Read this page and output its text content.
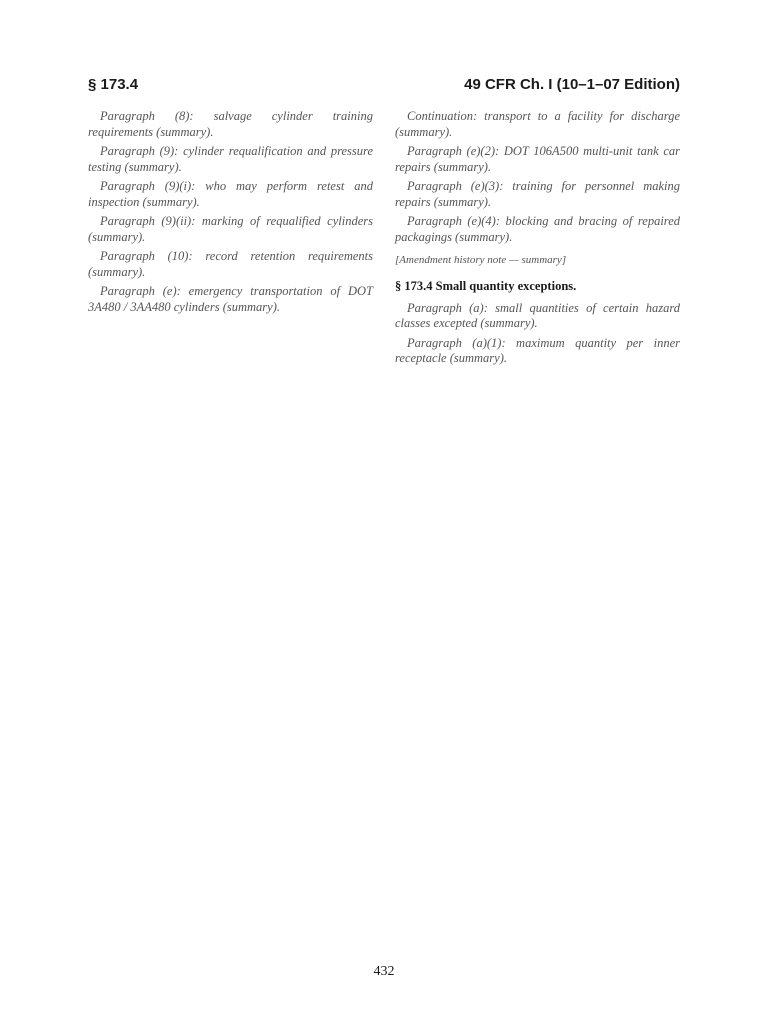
§ 173.4	49 CFR Ch. I (10–1–07 Edition)

Paragraph (8): salvage cylinder training requirements (summary).

Paragraph (9): cylinder requalification and pressure testing (summary).

Paragraph (9)(i): who may perform retest and inspection (summary).

Paragraph (9)(ii): marking of requalified cylinders (summary).

Paragraph (10): record retention requirements (summary).

Paragraph (e): emergency transportation of DOT 3A480 / 3AA480 cylinders (summary).

Continuation: transport to a facility for discharge (summary).

Paragraph (e)(2): DOT 106A500 multi-unit tank car repairs (summary).

Paragraph (e)(3): training for personnel making repairs (summary).

Paragraph (e)(4): blocking and bracing of repaired packagings (summary).

[Amendment history note — summary]

§ 173.4 Small quantity exceptions.

Paragraph (a): small quantities of certain hazard classes excepted (summary).

Paragraph (a)(1): maximum quantity per inner receptacle (summary).

432
